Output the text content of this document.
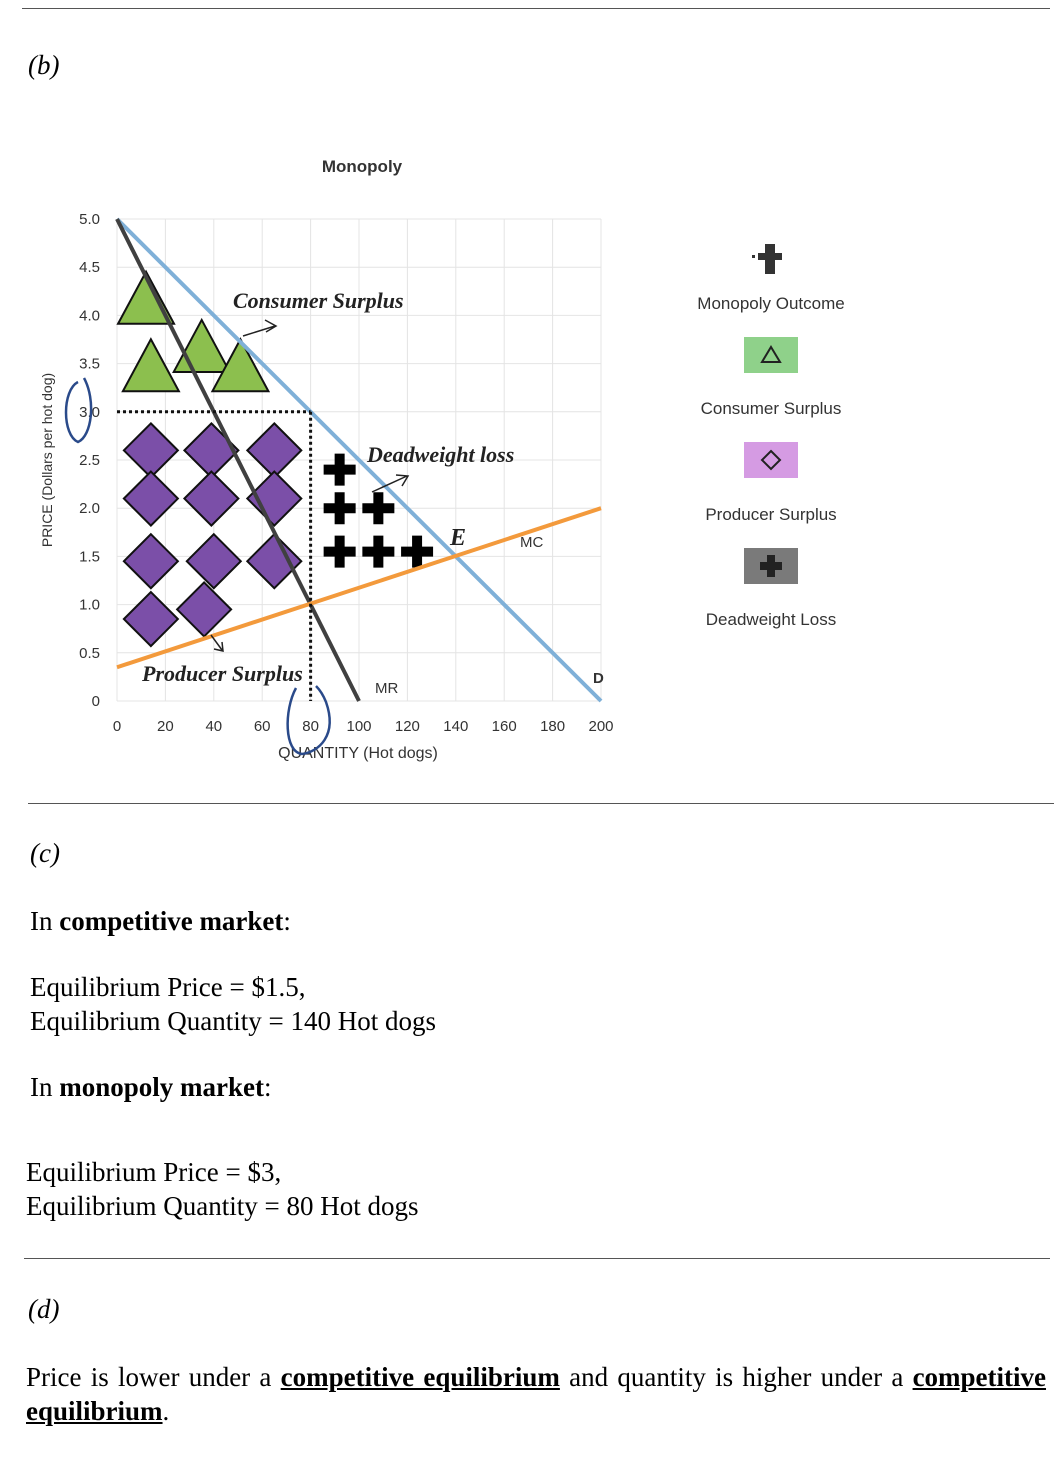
(b)
0 20 40 60 80 100 120 140 160 180 200
0
0.5
1.0
1.5
2.0
2.5
3.0
3.5
4.0
4.5
5.0
Monopoly
QUANTITY (Hot dogs)
PRICE (Dollars per hot dog)
MR
MC
D
E
Consumer Surplus
Deadweight loss
Producer Surplus
Monopoly Outcome
Consumer Surplus
Producer Surplus
Deadweight Loss
(c)
In competitive market:
Equilibrium Price = $1.5,
Equilibrium Quantity = 140 Hot dogs
In monopoly market:
Equilibrium Price = $3,
Equilibrium Quantity = 80 Hot dogs
(d)
Price is lower under a competitive equilibrium and quantity is higher under a competitive equilibrium.
